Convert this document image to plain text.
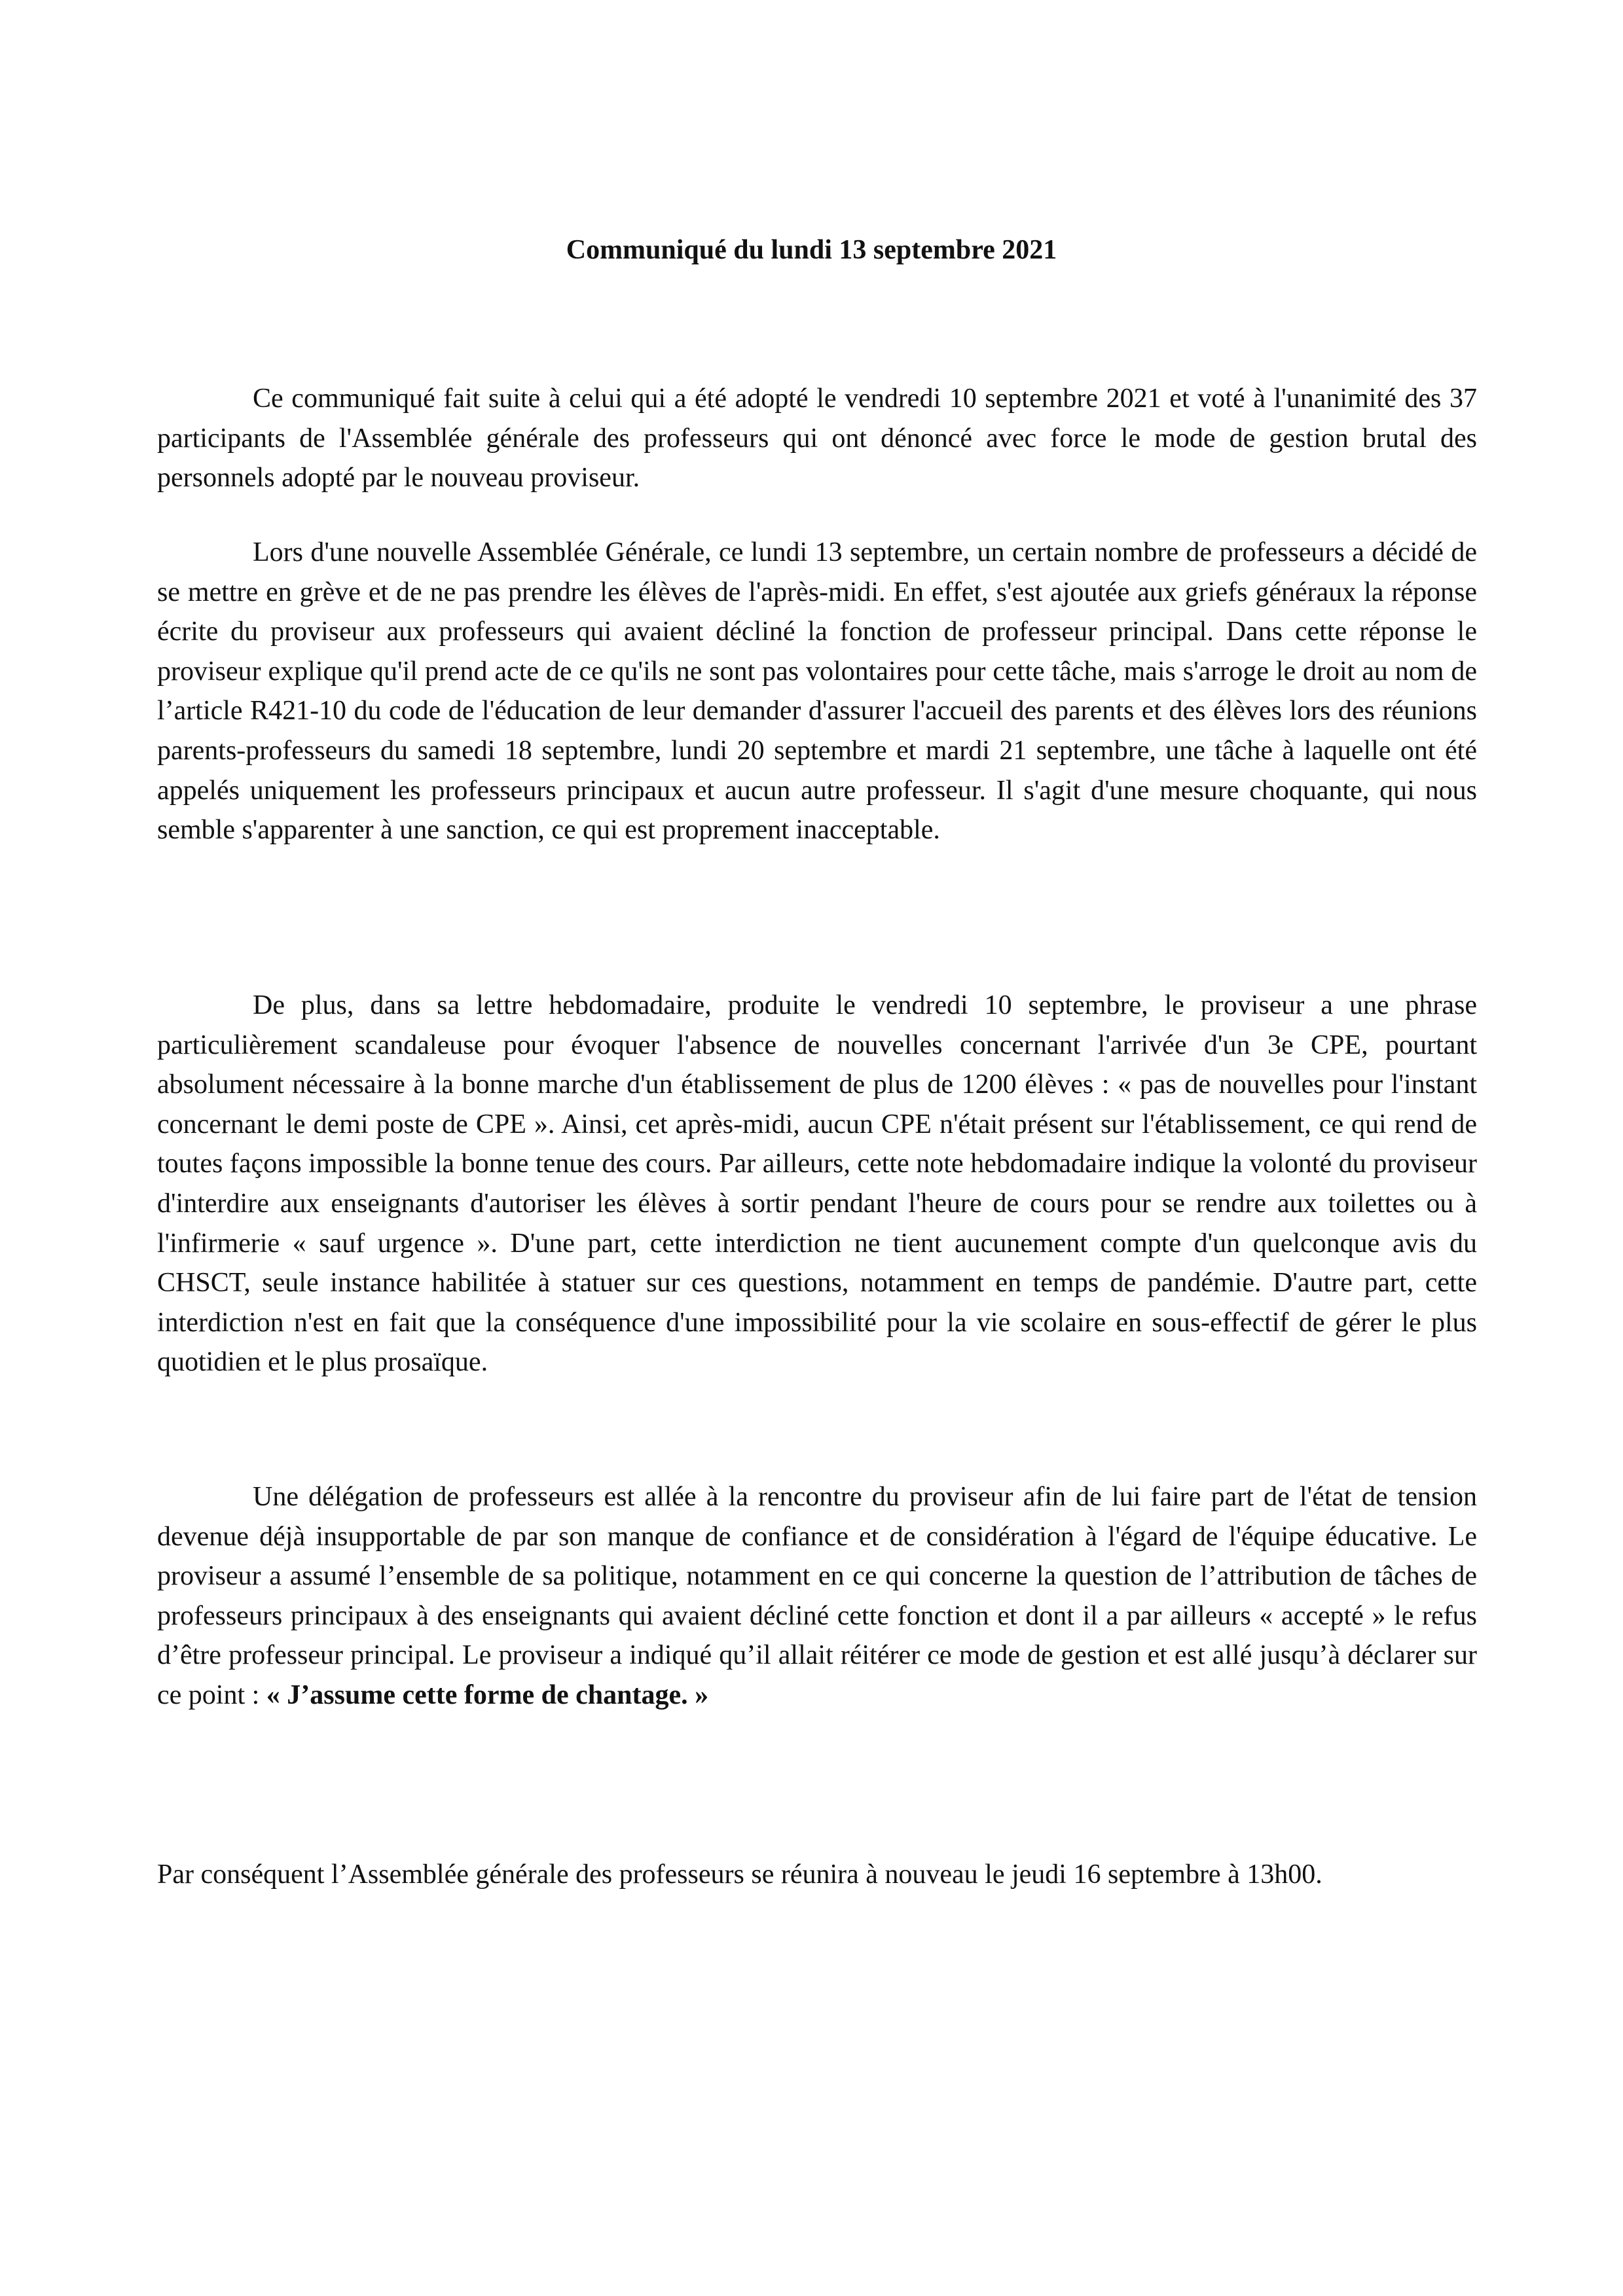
Communiqué du lundi 13 septembre 2021

Ce communiqué fait suite à celui qui a été adopté le vendredi 10 septembre 2021 et voté à l'unanimité des 37 participants de l'Assemblée générale des professeurs qui ont dénoncé avec force le mode de gestion brutal des personnels adopté par le nouveau proviseur.

Lors d'une nouvelle Assemblée Générale, ce lundi 13 septembre, un certain nombre de professeurs a décidé de se mettre en grève et de ne pas prendre les élèves de l'après-midi. En effet, s'est ajoutée aux griefs généraux la réponse écrite du proviseur aux professeurs qui avaient décliné la fonction de professeur principal. Dans cette réponse le proviseur explique qu'il prend acte de ce qu'ils ne sont pas volontaires pour cette tâche, mais s'arroge le droit au nom de l’article R421-10 du code de l'éducation de leur demander d'assurer l'accueil des parents et des élèves lors des réunions parents-professeurs du samedi 18 septembre, lundi 20 septembre et mardi 21 septembre, une tâche à laquelle ont été appelés uniquement les professeurs principaux et aucun autre professeur. Il s'agit d'une mesure choquante, qui nous semble s'apparenter à une sanction, ce qui est proprement inacceptable.

De plus, dans sa lettre hebdomadaire, produite le vendredi 10 septembre, le proviseur a une phrase particulièrement scandaleuse pour évoquer l'absence de nouvelles concernant l'arrivée d'un 3e CPE, pourtant absolument nécessaire à la bonne marche d'un établissement de plus de 1200 élèves : « pas de nouvelles pour l'instant concernant le demi poste de CPE ». Ainsi, cet après-midi, aucun CPE n'était présent sur l'établissement, ce qui rend de toutes façons impossible la bonne tenue des cours. Par ailleurs, cette note hebdomadaire indique la volonté du proviseur d'interdire aux enseignants d'autoriser les élèves à sortir pendant l'heure de cours pour se rendre aux toilettes ou à l'infirmerie « sauf urgence ». D'une part, cette interdiction ne tient aucunement compte d'un quelconque avis du CHSCT, seule instance habilitée à statuer sur ces questions, notamment en temps de pandémie. D'autre part, cette interdiction n'est en fait que la conséquence d'une impossibilité pour la vie scolaire en sous-effectif de gérer le plus quotidien et le plus prosaïque.

Une délégation de professeurs est allée à la rencontre du proviseur afin de lui faire part de l'état de tension devenue déjà insupportable de par son manque de confiance et de considération à l'égard de l'équipe éducative. Le proviseur a assumé l’ensemble de sa politique, notamment en ce qui concerne la question de l’attribution de tâches de professeurs principaux à des enseignants qui avaient décliné cette fonction et dont il a par ailleurs « accepté » le refus d’être professeur principal. Le proviseur a indiqué qu’il allait réitérer ce mode de gestion et est allé jusqu’à déclarer sur ce point : « J’assume cette forme de chantage. »

Par conséquent l’Assemblée générale des professeurs se réunira à nouveau le jeudi 16 septembre à 13h00.
